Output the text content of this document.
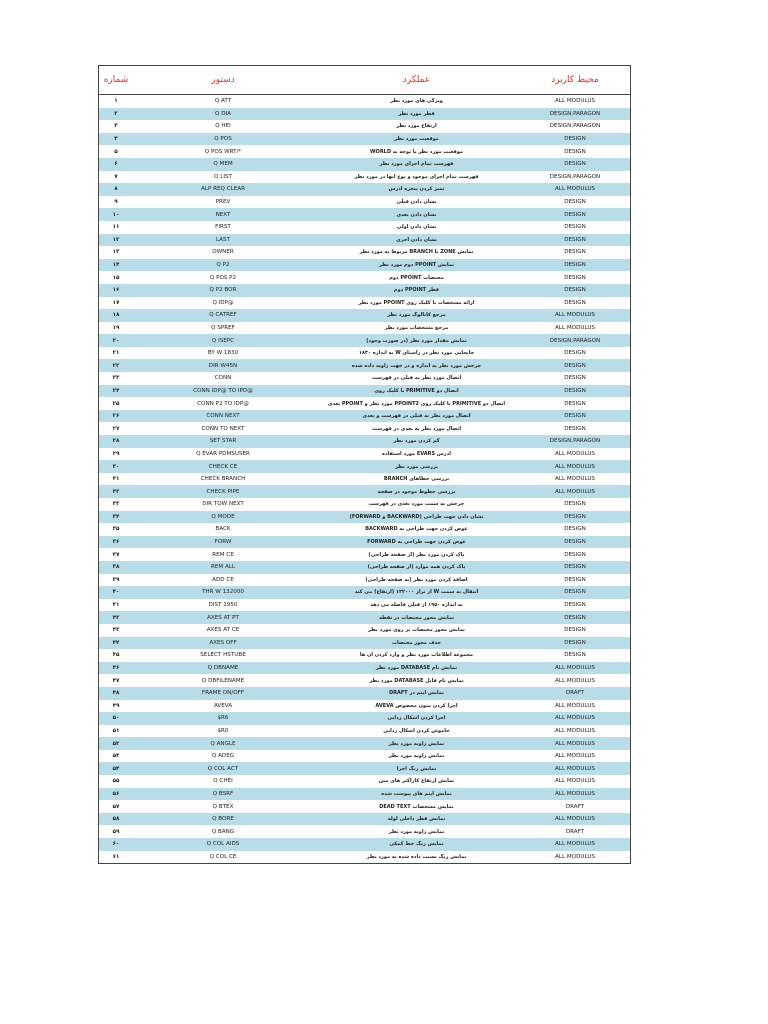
شماره	دستور	عملکرد	محیط کاربرد
۱	Q ATT	ویژگی های مورد نظر	ALL MODULUS
۲	Q DIA	قطر مورد نظر	DESIGN,PARAGON
۳	Q HEI	ارتفاع مورد نظر	DESIGN,PARAGON
۴	Q POS	موقعیت مورد نظر	DESIGN
۵	Q POS WRT/*	موقعیت مورد نظر با توجه به WORLD	DESIGN
۶	Q MEM	فهرست تمام اجزای مورد نظر	DESIGN
۷	Q LIST	فهرست تمام اجزای موجود و نوع آنها در مورد نظر	DESIGN,PARAGON
۸	ALP REQ CLEAR	تمیز کردن پنجره آدرس	ALL MODULUS
۹	PREV	نشان دادن قبلی	DESIGN
۱۰	NEXT	نشان دادن بعدی	DESIGN
۱۱	FIRST	نشان دادن اولی	DESIGN
۱۲	LAST	نشان دادن آخری	DESIGN
۱۳	OWNER	نمایش ZONE یا BRANCH مربوط به مورد نظر	DESIGN
۱۴	Q P2	نمایش PPOINT دوم مورد نظر	DESIGN
۱۵	Q POS P2	مختصات PPOINT دوم	DESIGN
۱۶	Q P2 BOR	قطر PPOINT دوم	DESIGN
۱۷	Q IDP@	ارائه مشخصات با کلیک روی PPOINT مورد نظر	DESIGN
۱۸	Q CATREF	مرجع کاتالوگ مورد نظر	ALL MODULUS
۱۹	Q SPREF	مرجع مشخصات مورد نظر	ALL MODULUS
۲۰	Q ISEPC	نمایش مقدار مورد نظر (در صورت وجود)	DESIGN,PARAGON
۲۱	BY W 1830	جابجایی مورد نظر در راستای W به اندازه ۱۸۳۰	DESIGN
۲۲	DIR W45N	چرخش مورد نظر به اندازه و در جهت زاویه داده شده	DESIGN
۲۳	CONN	اتصال مورد نظر به قبلی در فهرست	DESIGN
۲۴	CONN IDP@ TO IPD@	اتصال دو PRIMITIVE با کلیک روی	DESIGN
۲۵	CONN P2 TO IDP@	اتصال دو PRIMITIVE با کلیک روی PPOINT2 مورد نظر و PPOINT بعدی	DESIGN
۲۶	CONN NEXT	اتصال مورد نظر به قبلی در فهرست و بعدی	DESIGN
۲۷	CONN TO NEXT	اتصال مورد نظر به بعدی در فهرست	DESIGN
۲۸	SET STAR	گم کردن مورد نظر	DESIGN,PARAGON
۲۹	Q EVAR PDMSUSER	آدرس EVARS مورد استفاده	ALL MODULUS
۳۰	CHECK CE	بررسی مورد نظر	ALL MODULUS
۳۱	CHECK BRANCH	بررسی خطاهای BRANCH	ALL MODULUS
۳۲	CHECK PIPE	بررسی خطوط موجود در صفحه	ALL MODULUS
۳۳	DIR TOW NEXT	چرخش به سمت مورد بعدی در فهرست	DESIGN
۳۴	Q MODE	نشان دادن جهت طراحی (BACKWARD و FORWARD)	DESIGN
۳۵	BACK	عوض کردن جهت طراحی به BACKWARD	DESIGN
۳۶	FORW	عوض کردن جهت طراحی به FORWARD	DESIGN
۳۷	REM CE	پاک کردن مورد نظر (از صفحه طراحی)	DESIGN
۳۸	REM ALL	پاک کردن همه موارد (از صفحه طراحی)	DESIGN
۳۹	ADD CE	اضافه کردن مورد نظر (به صفحه طراحی)	DESIGN
۴۰	THR W 132000	انتقال به سمت W از تراز ۱۳۲۰۰۰ (ارتفاع) می کند	DESIGN
۴۱	DIST 1950	به اندازه ۱۹۵۰ از قبلی فاصله می دهد	DESIGN
۴۲	AXES AT PT	نمایش محور مختصات در نقطه	DESIGN
۴۳	AXES AT CE	نمایش محور مختصات بر روی مورد نظر	DESIGN
۴۴	AXES OFF	حذف محور مختصات	DESIGN
۴۵	SELECT HSTUBE	مجموعه اطلاعات مورد نظر و وارد کردن آن ها	DESIGN
۴۶	Q DBNAME	نمایش نام DATABASE مورد نظر	ALL MODULUS
۴۷	Q DBFILENAME	نمایش نام فایل DATABASE مورد نظر	ALL MODULUS
۴۸	FRAME ON/OFF	نمایش آیتم در DRAFT	DRAFT
۴۹	AVEVA	اجرا کردن متون مخصوص AVEVA	ALL MODULUS
۵۰	$R6	اجرا کردن اشکال زدایی	ALL MODULUS
۵۱	$R0	خاموش کردن اشکال زدایی	ALL MODULUS
۵۲	Q ANGLE	نمایش زاویه مورد نظر	ALL MODULUS
۵۳	Q ADEG	نمایش زاویه مورد نظر	ALL MODULUS
۵۴	Q COL ACT	نمایش رنگ اجرا	ALL MODULUS
۵۵	Q CHEI	نمایش ارتفاع کاراکتر های متن	ALL MODULUS
۵۶	Q BSRF	نمایش آیتم های پیوست شده	ALL MODULUS
۵۷	Q BTEX	نمایش مشخصات DEAD TEXT	DRAFT
۵۸	Q BORE	نمایش قطر داخلی لوله	ALL MODULUS
۵۹	Q BANG	نمایش زاویه مورد نظر	DRAFT
۶۰	Q COL AIDS	نمایش رنگ خط کمکی	ALL MODULUS
۶۱	Q COL CE	نمایش رنگ نسبت داده شده به مورد نظر	ALL MODULUS
